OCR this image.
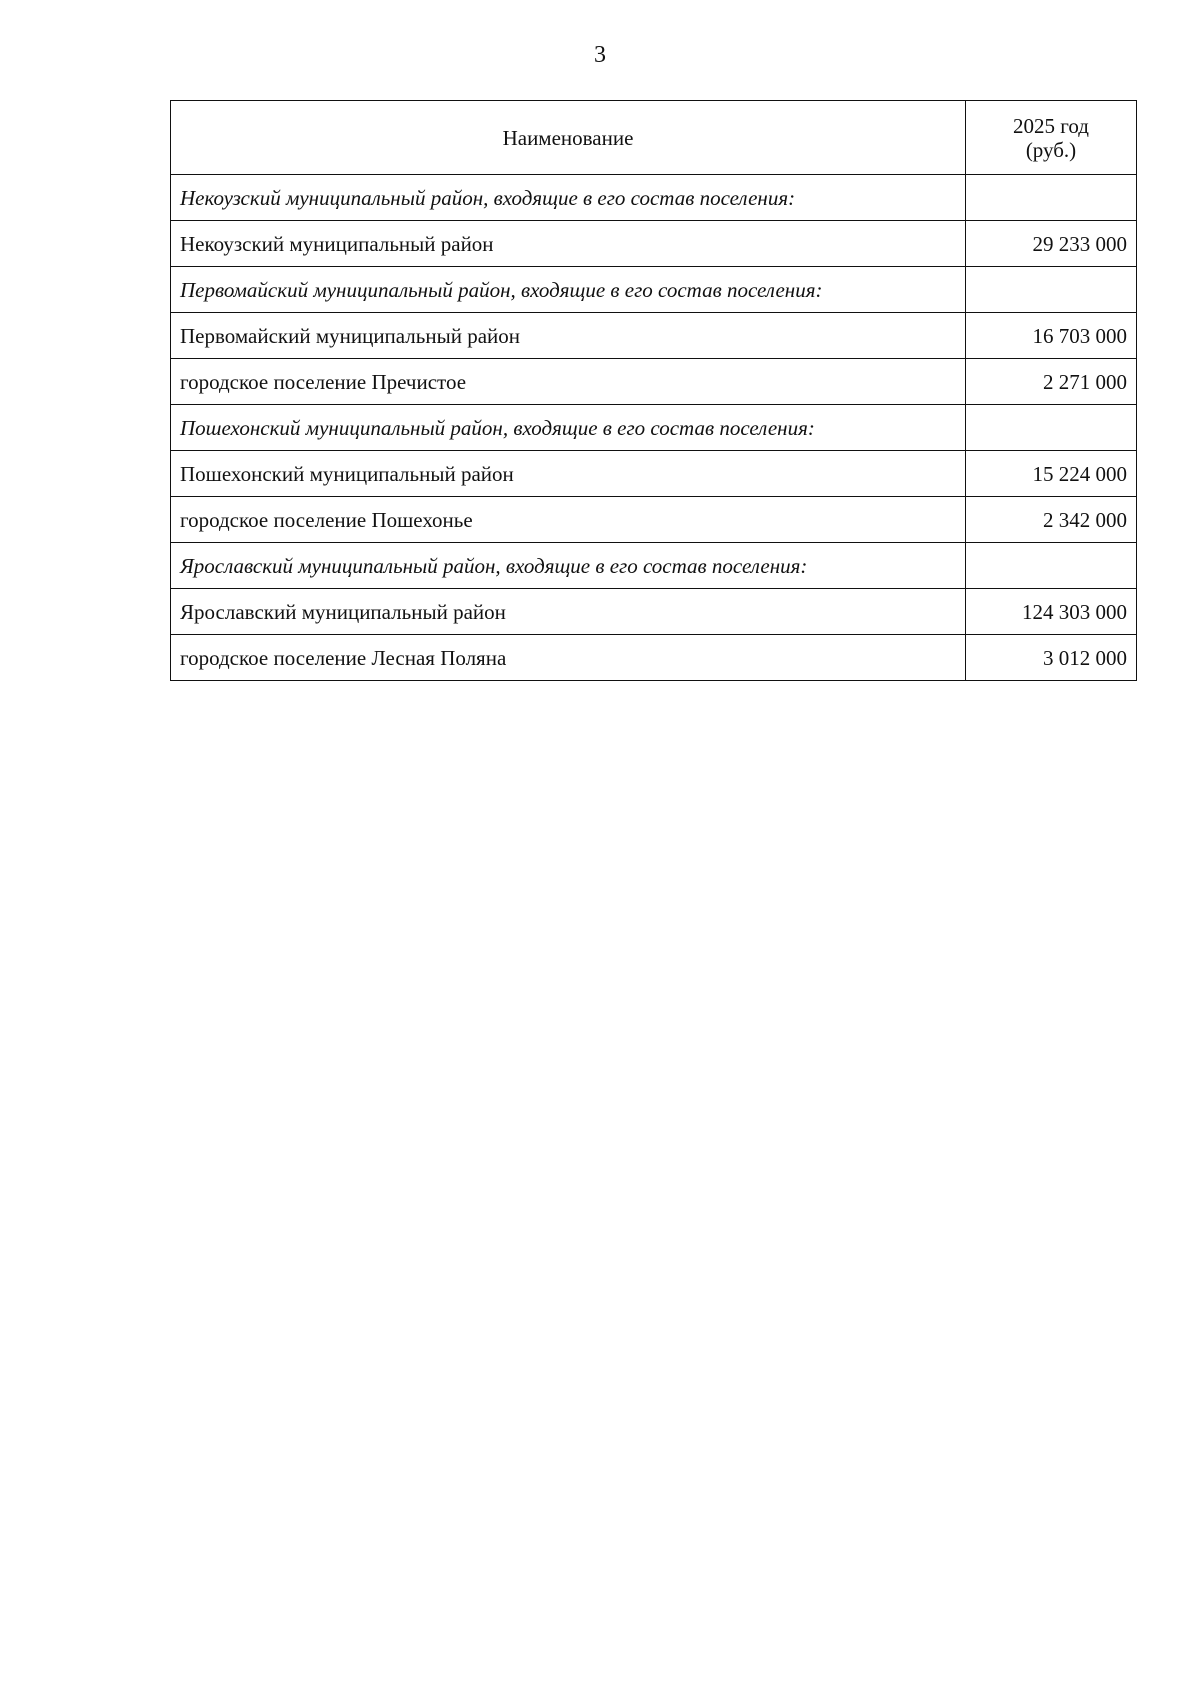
3
Наименование	2025 год
(руб.)

Некоузский муниципальный район, входящие в его состав поселения:	
Некоузский муниципальный район	29 233 000
Первомайский муниципальный район, входящие в его состав поселения:	
Первомайский муниципальный район	16 703 000
городское поселение Пречистое	2 271 000
Пошехонский муниципальный район, входящие в его состав поселения:	
Пошехонский муниципальный район	15 224 000
городское поселение Пошехонье	2 342 000
Ярославский муниципальный район, входящие в его состав поселения:	
Ярославский муниципальный район	124 303 000
городское поселение Лесная Поляна	3 012 000
